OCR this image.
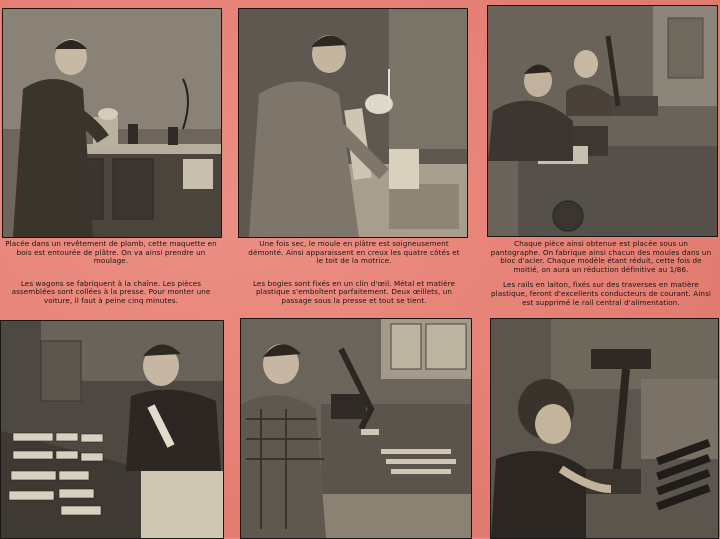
Placée dans un revêtement de plomb, cette maquette en bois est entourée de plâtre. On va ainsi prendre un moulage.

Les wagons se fabriquent à la chaîne. Les pièces assemblées sont collées à la presse. Pour monter une voiture, il faut à peine cinq minutes.

Une fois sec, le moule en plâtre est soigneusement démonté. Ainsi apparaissent en creux les quatre côtés et le toit de la motrice.

Les bogies sont fixés en un clin d'œil. Métal et matière plastique s'emboîtent parfaitement. Deux œillets, un passage sous la presse et tout se tient.

Chaque pièce ainsi obtenue est placée sous un pantographe. On fabrique ainsi chacun des moules dans un bloc d'acier. Chaque modèle étant réduit, cette fois de moitié, on aura un réduction définitive au 1/86.

Les rails en laiton, fixés sur des traverses en matière plastique, feront d'excellents conducteurs de courant. Ainsi est supprimé le rail central d'alimentation.
